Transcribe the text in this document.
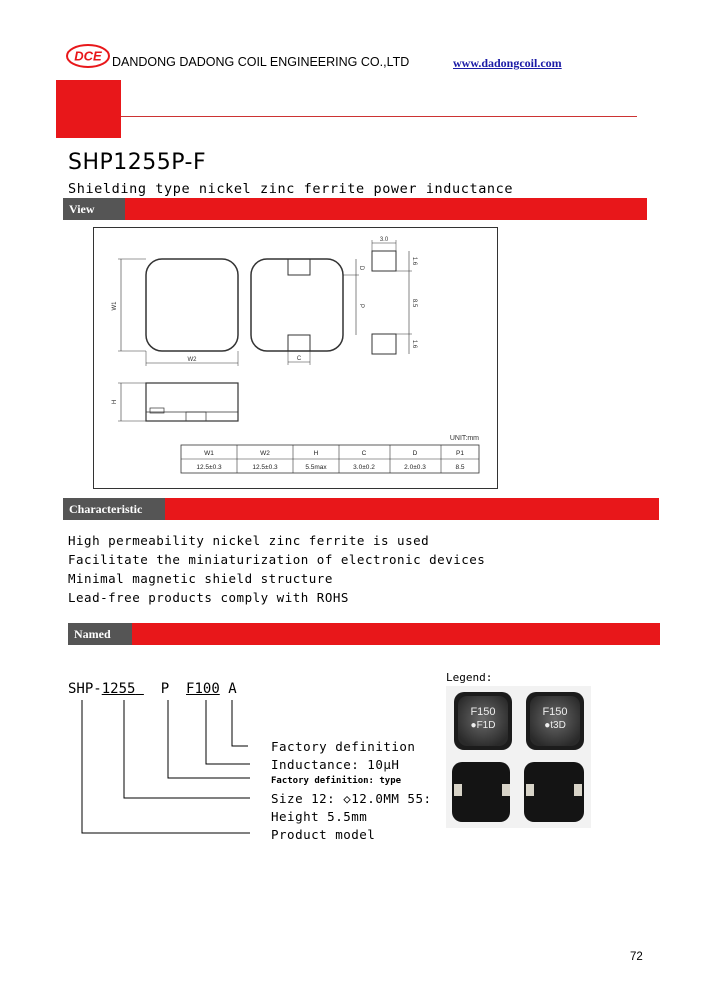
DCE DANDONG DADONG COIL ENGINEERING CO.,LTD	www.dadongcoil.com
SHP1255P-F
Shielding type nickel zinc ferrite power inductance
View
W1
W2	C
D
P
3.0
1.6
8.5
1.6
H
UNIT:mm
W1	W2	H	C	D	P1
12.5±0.3	12.5±0.3	5.5max	3.0±0.2	2.0±0.3	8.5
Characteristic
High permeability nickel zinc ferrite is used
Facilitate the miniaturization of electronic devices
Minimal magnetic shield structure
Lead-free products comply with ROHS
Named
SHP-1255 P F100 A
Factory definition
Inductance: 10μH
Factory definition: type
Size 12: ◇12.0MM 55:
Height 5.5mm
Product model
Legend:
F150
●F1D
F150
●t3D
72
